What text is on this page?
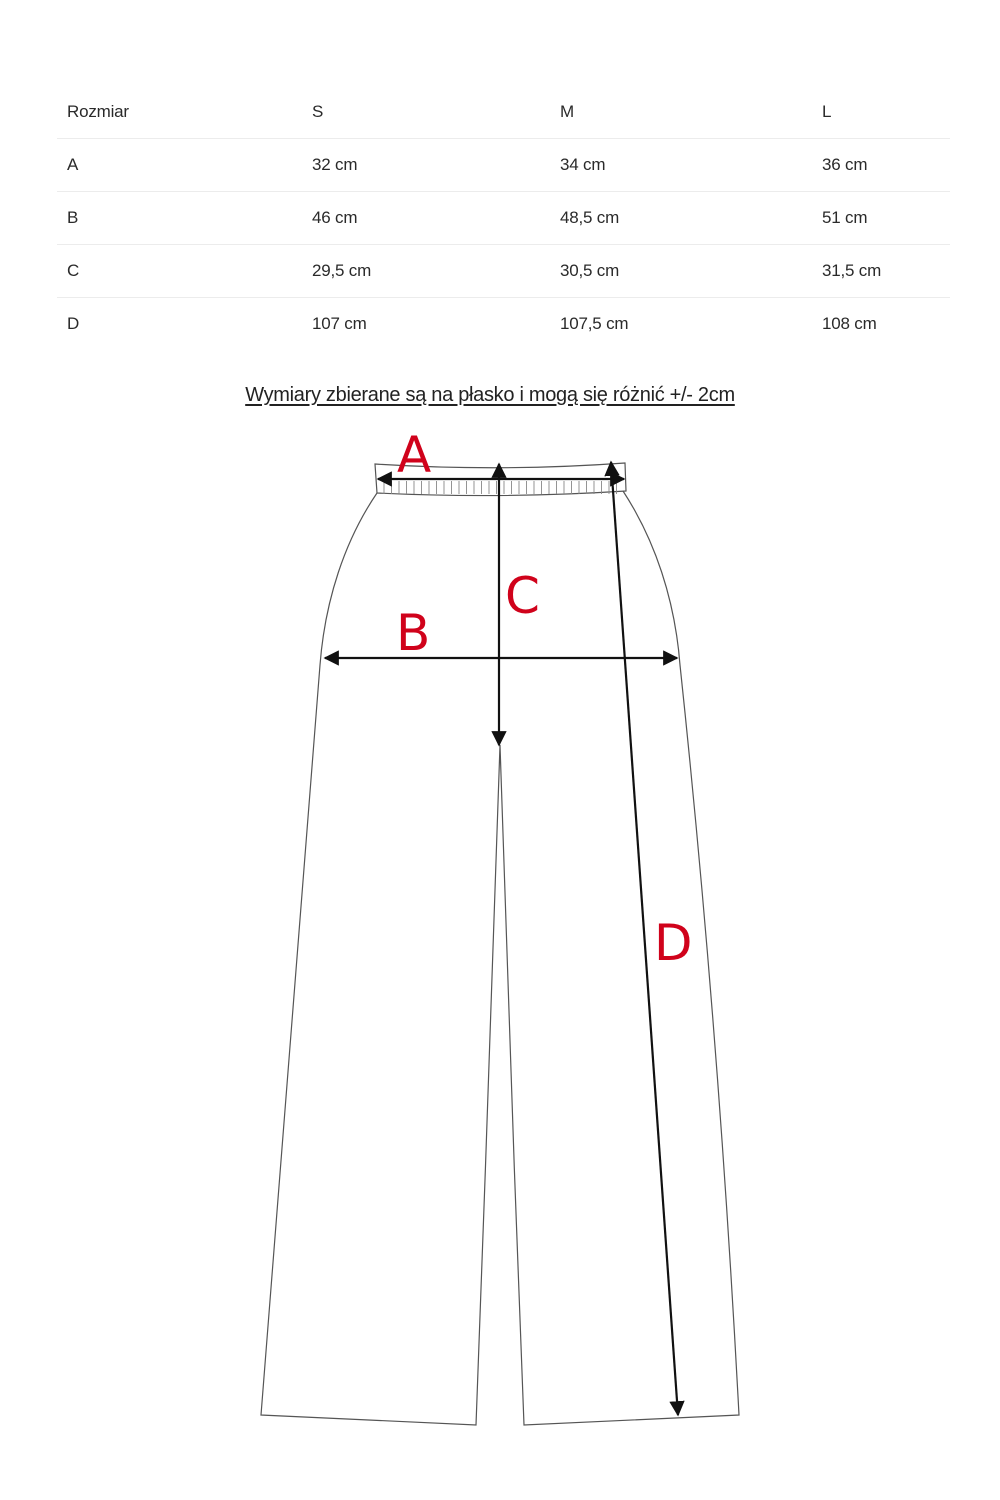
Rozmiar	S	M	L
A	32 cm	34 cm	36 cm
B	46 cm	48,5 cm	51 cm
C	29,5 cm	30,5 cm	31,5 cm
D	107 cm	107,5 cm	108 cm
Wymiary zbierane są na płasko i mogą się różnić +/- 2cm
A
B
C
D
